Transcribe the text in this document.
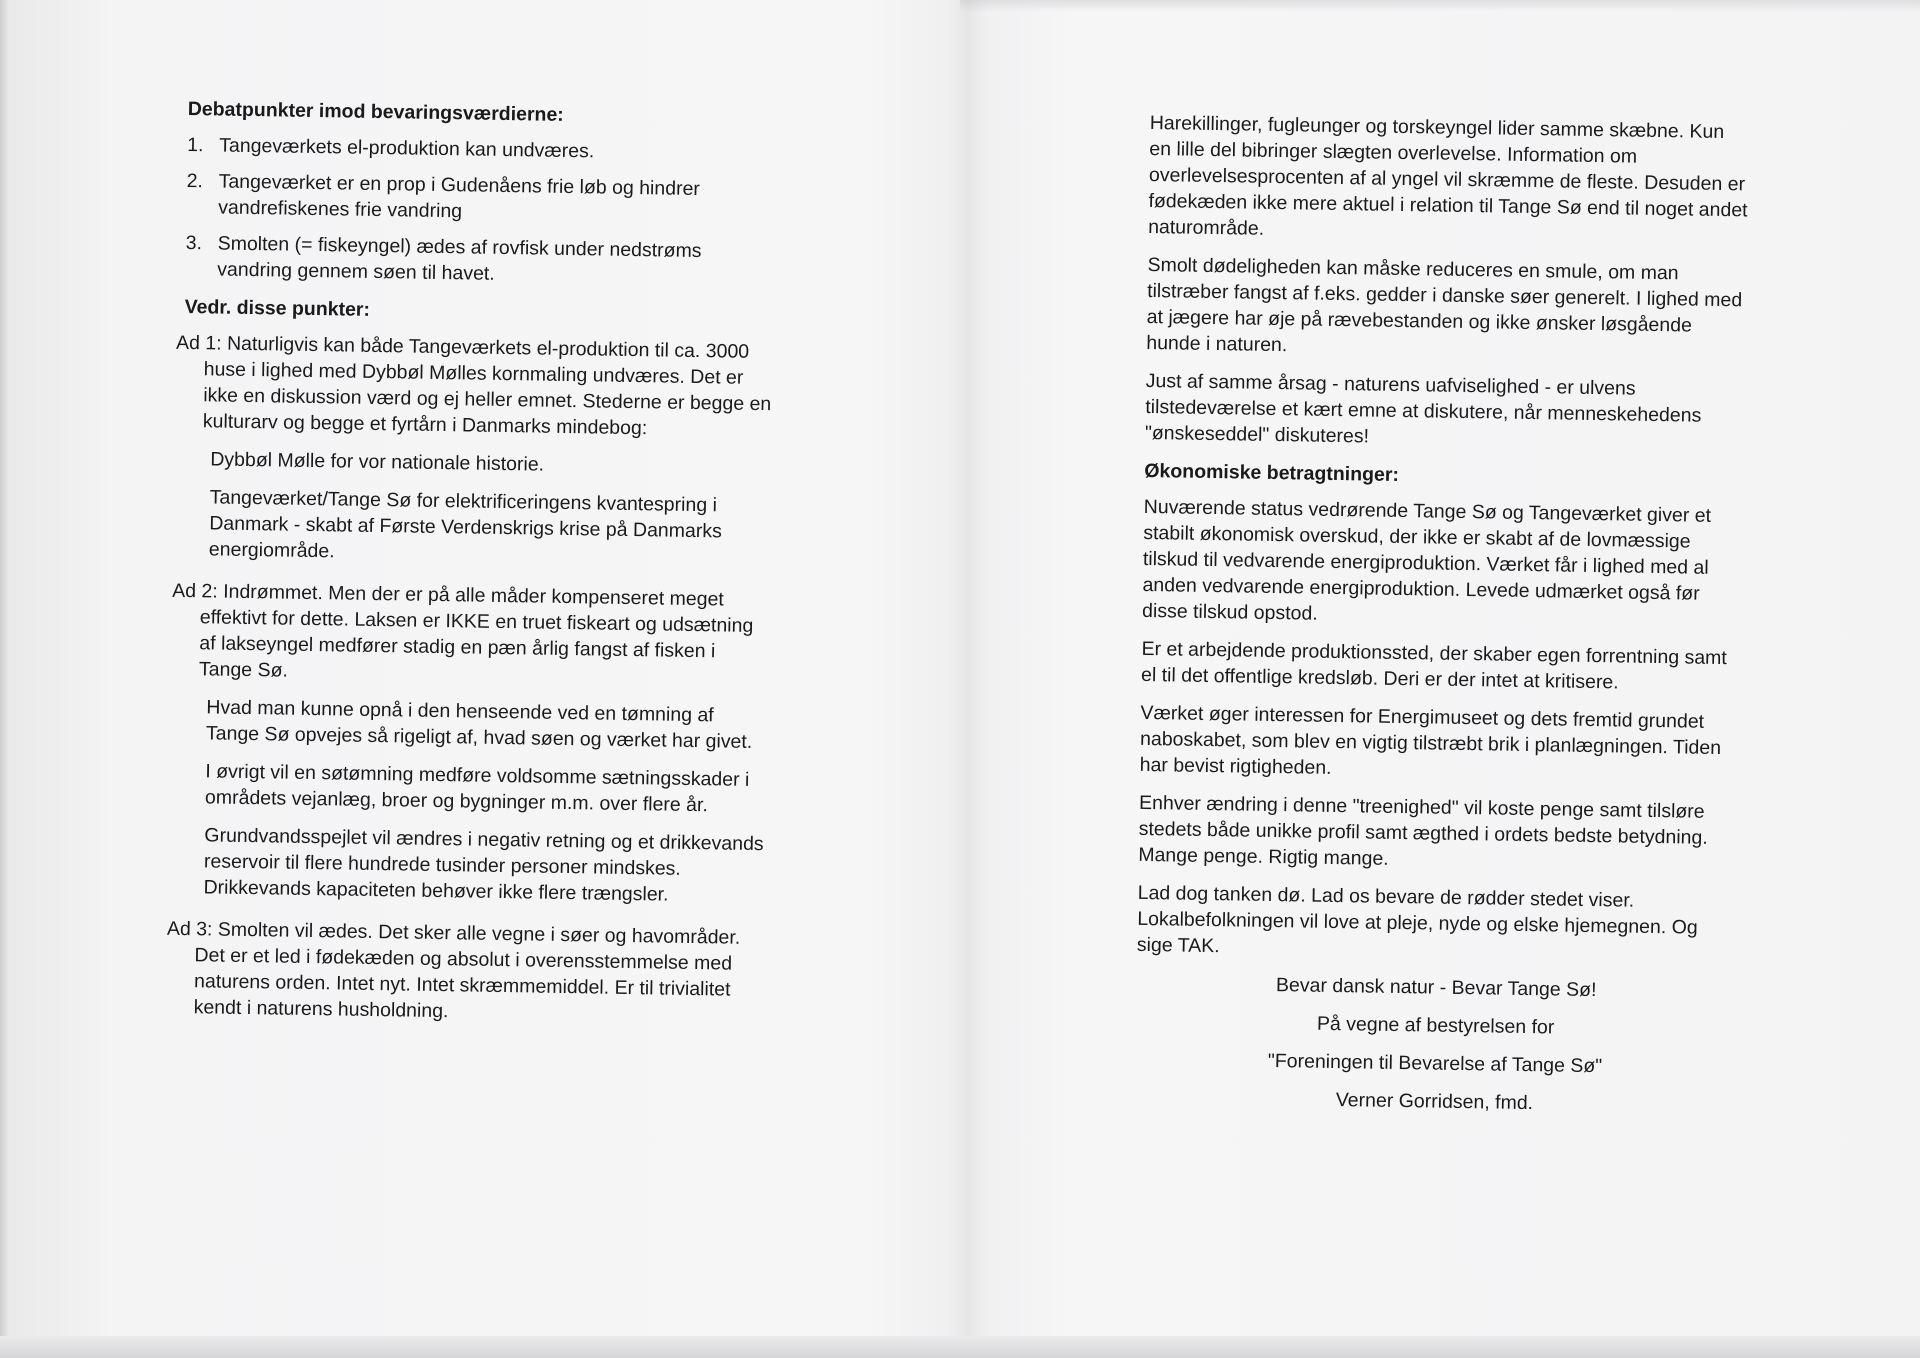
Debatpunkter imod bevaringsværdierne:
1. Tangeværkets el-produktion kan undværes.
2. Tangeværket er en prop i Gudenåens frie løb og hindrer vandrefiskenes frie vandring
3. Smolten (= fiskeyngel) ædes af rovfisk under nedstrøms vandring gennem søen til havet.
Vedr. disse punkter:
Ad 1: Naturligvis kan både Tangeværkets el-produktion til ca. 3000 huse i lighed med Dybbøl Mølles kornmaling undværes. Det er ikke en diskussion værd og ej heller emnet. Stederne er begge en kulturarv og begge et fyrtårn i Danmarks mindebog:
Dybbøl Mølle for vor nationale historie.
Tangeværket/Tange Sø for elektrificeringens kvantespring i Danmark - skabt af Første Verdenskrigs krise på Danmarks energiområde.
Ad 2: Indrømmet. Men der er på alle måder kompenseret meget effektivt for dette. Laksen er IKKE en truet fiskeart og udsætning af lakseyngel medfører stadig en pæn årlig fangst af fisken i Tange Sø.
Hvad man kunne opnå i den henseende ved en tømning af Tange Sø opvejes så rigeligt af, hvad søen og værket har givet.
I øvrigt vil en søtømning medføre voldsomme sætningsskader i områdets vejanlæg, broer og bygninger m.m. over flere år.
Grundvandsspejlet vil ændres i negativ retning og et drikkevands reservoir til flere hundrede tusinder personer mindskes. Drikkevands kapaciteten behøver ikke flere trængsler.
Ad 3: Smolten vil ædes. Det sker alle vegne i søer og havområder. Det er et led i fødekæden og absolut i overensstemmelse med naturens orden. Intet nyt. Intet skræmmemiddel. Er til trivialitet kendt i naturens husholdning.
Harekillinger, fugleunger og torskeyngel lider samme skæbne. Kun en lille del bibringer slægten overlevelse. Information om overlevelsesprocenten af al yngel vil skræmme de fleste. Desuden er fødekæden ikke mere aktuel i relation til Tange Sø end til noget andet naturområde.
Smolt dødeligheden kan måske reduceres en smule, om man tilstræber fangst af f.eks. gedder i danske søer generelt. I lighed med at jægere har øje på rævebestanden og ikke ønsker løsgående hunde i naturen.
Just af samme årsag - naturens uafviselighed - er ulvens tilstedeværelse et kært emne at diskutere, når menneskehedens "ønskeseddel" diskuteres!
Økonomiske betragtninger:
Nuværende status vedrørende Tange Sø og Tangeværket giver et stabilt økonomisk overskud, der ikke er skabt af de lovmæssige tilskud til vedvarende energiproduktion. Værket får i lighed med al anden vedvarende energiproduktion. Levede udmærket også før disse tilskud opstod.
Er et arbejdende produktionssted, der skaber egen forrentning samt el til det offentlige kredsløb. Deri er der intet at kritisere.
Værket øger interessen for Energimuseet og dets fremtid grundet naboskabet, som blev en vigtig tilstræbt brik i planlægningen. Tiden har bevist rigtigheden.
Enhver ændring i denne "treenighed" vil koste penge samt tilsløre stedets både unikke profil samt ægthed i ordets bedste betydning. Mange penge. Rigtig mange.
Lad dog tanken dø. Lad os bevare de rødder stedet viser. Lokalbefolkningen vil love at pleje, nyde og elske hjemegnen. Og sige TAK.
Bevar dansk natur - Bevar Tange Sø!
På vegne af bestyrelsen for
"Foreningen til Bevarelse af Tange Sø"
Verner Gorridsen, fmd.
